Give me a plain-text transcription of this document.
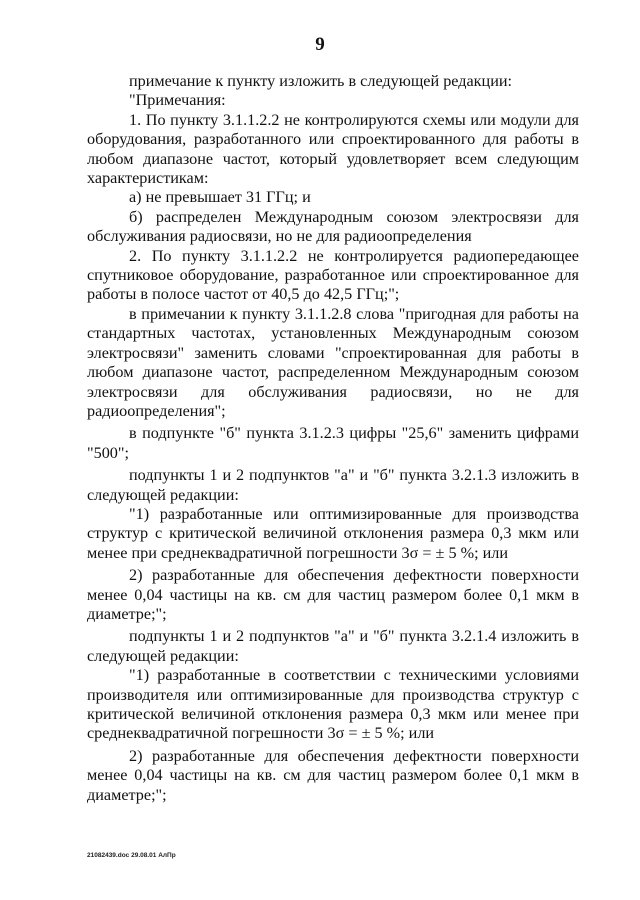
9

примечание к пункту изложить в следующей редакции:

"Примечания:

1. По пункту 3.1.1.2.2 не контролируются схемы или модули для оборудования, разработанного или спроектированного для работы в любом диапазоне частот, который удовлетворяет всем следующим характеристикам:

а) не превышает 31 ГГц; и

б) распределен Международным союзом электросвязи для обслуживания радиосвязи, но не для радиоопределения

2. По пункту 3.1.1.2.2 не контролируется радиопередающее спутниковое оборудование, разработанное или спроектированное для работы в полосе частот от 40,5 до 42,5 ГГц;";

в примечании к пункту 3.1.1.2.8 слова "пригодная для работы на стандартных частотах, установленных Международным союзом электросвязи" заменить словами "спроектированная для работы в любом диапазоне частот, распределенном Международным союзом электросвязи для обслуживания радиосвязи, но не для радиоопределения";

в подпункте "б" пункта 3.1.2.3 цифры "25,6" заменить цифрами "500";

подпункты 1 и 2 подпунктов "а" и "б" пункта 3.2.1.3 изложить в следующей редакции:

"1) разработанные или оптимизированные для производства структур с критической величиной отклонения размера 0,3 мкм или менее при среднеквадратичной погрешности 3σ = ± 5 %; или

2) разработанные для обеспечения дефектности поверхности менее 0,04 частицы на кв. см для частиц размером более 0,1 мкм в диаметре;";

подпункты 1 и 2 подпунктов "а" и "б" пункта 3.2.1.4 изложить в следующей редакции:

"1) разработанные в соответствии с техническими условиями производителя или оптимизированные для производства структур с критической величиной отклонения размера 0,3 мкм или менее при среднеквадратичной погрешности 3σ = ± 5 %; или

2) разработанные для обеспечения дефектности поверхности менее 0,04 частицы на кв. см для частиц размером более 0,1 мкм в диаметре;";

21082439.doc 29.08.01 АлПр
